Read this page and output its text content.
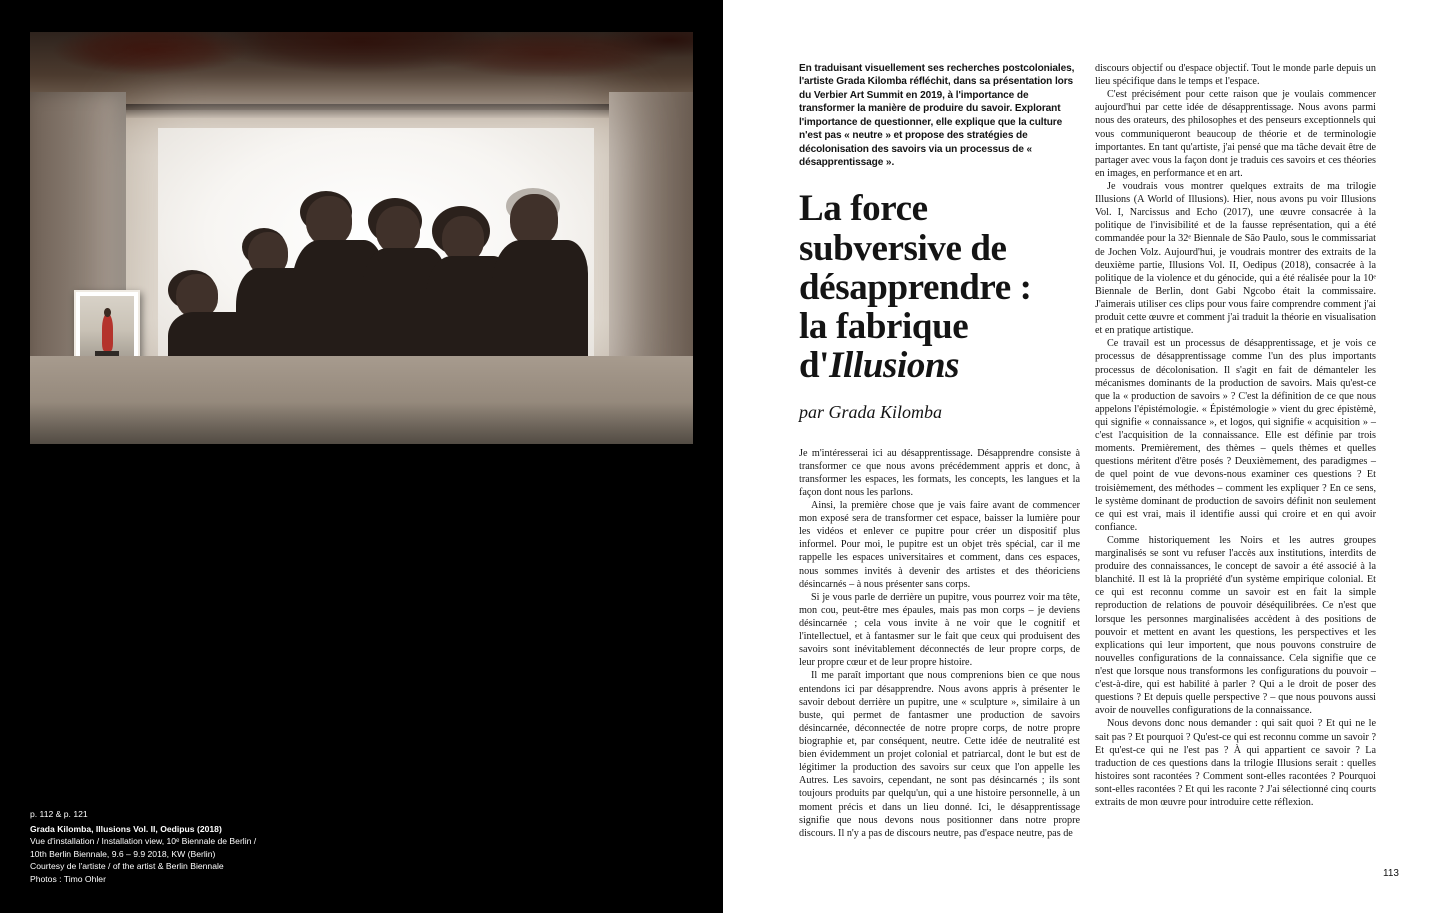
p. 112 & p. 121
Grada Kilomba, Illusions Vol. II, Oedipus (2018)
Vue d'installation / Installation view, 10ᵉ Biennale de Berlin /
10th Berlin Biennale, 9.6 – 9.9 2018, KW (Berlin)
Courtesy de l'artiste / of the artist & Berlin Biennale
Photos : Timo Ohler

En traduisant visuellement ses recherches postcoloniales, l'artiste Grada Kilomba réfléchit, dans sa présentation lors du Verbier Art Summit en 2019, à l'importance de transformer la manière de produire du savoir. Explorant l'importance de questionner, elle explique que la culture n'est pas « neutre » et propose des stratégies de décolonisation des savoirs via un processus de « désapprentissage ».

La force
subversive de
désapprendre :
la fabrique
d'Illusions
par Grada Kilomba

Je m'intéresserai ici au désapprentissage. Désapprendre consiste à transformer ce que nous avons précédemment appris et donc, à transformer les espaces, les formats, les concepts, les langues et la façon dont nous les parlons.

Ainsi, la première chose que je vais faire avant de commencer mon exposé sera de transformer cet espace, baisser la lumière pour les vidéos et enlever ce pupitre pour créer un dispositif plus informel. Pour moi, le pupitre est un objet très spécial, car il me rappelle les espaces universitaires et comment, dans ces espaces, nous sommes invités à devenir des artistes et des théoriciens désincarnés – à nous présenter sans corps.

Si je vous parle de derrière un pupitre, vous pourrez voir ma tête, mon cou, peut-être mes épaules, mais pas mon corps – je deviens désincarnée ; cela vous invite à ne voir que le cognitif et l'intellectuel, et à fantasmer sur le fait que ceux qui produisent des savoirs sont inévitablement déconnectés de leur propre corps, de leur propre cœur et de leur propre histoire.

Il me paraît important que nous comprenions bien ce que nous entendons ici par désapprendre. Nous avons appris à présenter le savoir debout derrière un pupitre, une « sculpture », similaire à un buste, qui permet de fantasmer une production de savoirs désincarnée, déconnectée de notre propre corps, de notre propre biographie et, par conséquent, neutre. Cette idée de neutralité est bien évidemment un projet colonial et patriarcal, dont le but est de légitimer la production des savoirs sur ceux que l'on appelle les Autres. Les savoirs, cependant, ne sont pas désincarnés ; ils sont toujours produits par quelqu'un, qui a une histoire personnelle, à un moment précis et dans un lieu donné. Ici, le désapprentissage signifie que nous devons nous positionner dans notre propre discours. Il n'y a pas de discours neutre, pas d'espace neutre, pas de

discours objectif ou d'espace objectif. Tout le monde parle depuis un lieu spécifique dans le temps et l'espace.

C'est précisément pour cette raison que je voulais commencer aujourd'hui par cette idée de désapprentissage. Nous avons parmi nous des orateurs, des philosophes et des penseurs exceptionnels qui vous communiqueront beaucoup de théorie et de terminologie importantes. En tant qu'artiste, j'ai pensé que ma tâche devait être de partager avec vous la façon dont je traduis ces savoirs et ces théories en images, en performance et en art.

Je voudrais vous montrer quelques extraits de ma trilogie Illusions (A World of Illusions). Hier, nous avons pu voir Illusions Vol. I, Narcissus and Echo (2017), une œuvre consacrée à la politique de l'invisibilité et de la fausse représentation, qui a été commandée pour la 32ᵉ Biennale de São Paulo, sous le commissariat de Jochen Volz. Aujourd'hui, je voudrais montrer des extraits de la deuxième partie, Illusions Vol. II, Oedipus (2018), consacrée à la politique de la violence et du génocide, qui a été réalisée pour la 10ᵉ Biennale de Berlin, dont Gabi Ngcobo était la commissaire. J'aimerais utiliser ces clips pour vous faire comprendre comment j'ai produit cette œuvre et comment j'ai traduit la théorie en visualisation et en pratique artistique.

Ce travail est un processus de désapprentissage, et je vois ce processus de désapprentissage comme l'un des plus importants processus de décolonisation. Il s'agit en fait de démanteler les mécanismes dominants de la production de savoirs. Mais qu'est-ce que la « production de savoirs » ? C'est la définition de ce que nous appelons l'épistémologie. « Épistémologie » vient du grec épistèmè, qui signifie « connaissance », et logos, qui signifie « acquisition » – c'est l'acquisition de la connaissance. Elle est définie par trois moments. Premièrement, des thèmes – quels thèmes et quelles questions méritent d'être posés ? Deuxièmement, des paradigmes – de quel point de vue devons-nous examiner ces questions ? Et troisièmement, des méthodes – comment les expliquer ? En ce sens, le système dominant de production de savoirs définit non seulement ce qui est vrai, mais il identifie aussi qui croire et en qui avoir confiance.

Comme historiquement les Noirs et les autres groupes marginalisés se sont vu refuser l'accès aux institutions, interdits de produire des connaissances, le concept de savoir a été associé à la blanchité. Il est là la propriété d'un système empirique colonial. Et ce qui est reconnu comme un savoir est en fait la simple reproduction de relations de pouvoir déséquilibrées. Ce n'est que lorsque les personnes marginalisées accèdent à des positions de pouvoir et mettent en avant les questions, les perspectives et les explications qui leur importent, que nous pouvons construire de nouvelles configurations de la connaissance. Cela signifie que ce n'est que lorsque nous transformons les configurations du pouvoir – c'est-à-dire, qui est habilité à parler ? Qui a le droit de poser des questions ? Et depuis quelle perspective ? – que nous pouvons aussi avoir de nouvelles configurations de la connaissance.

Nous devons donc nous demander : qui sait quoi ? Et qui ne le sait pas ? Et pourquoi ? Qu'est-ce qui est reconnu comme un savoir ? Et qu'est-ce qui ne l'est pas ? À qui appartient ce savoir ? La traduction de ces questions dans la trilogie Illusions serait : quelles histoires sont racontées ? Comment sont-elles racontées ? Pourquoi sont-elles racontées ? Et qui les raconte ? J'ai sélectionné cinq courts extraits de mon œuvre pour introduire cette réflexion.

113
